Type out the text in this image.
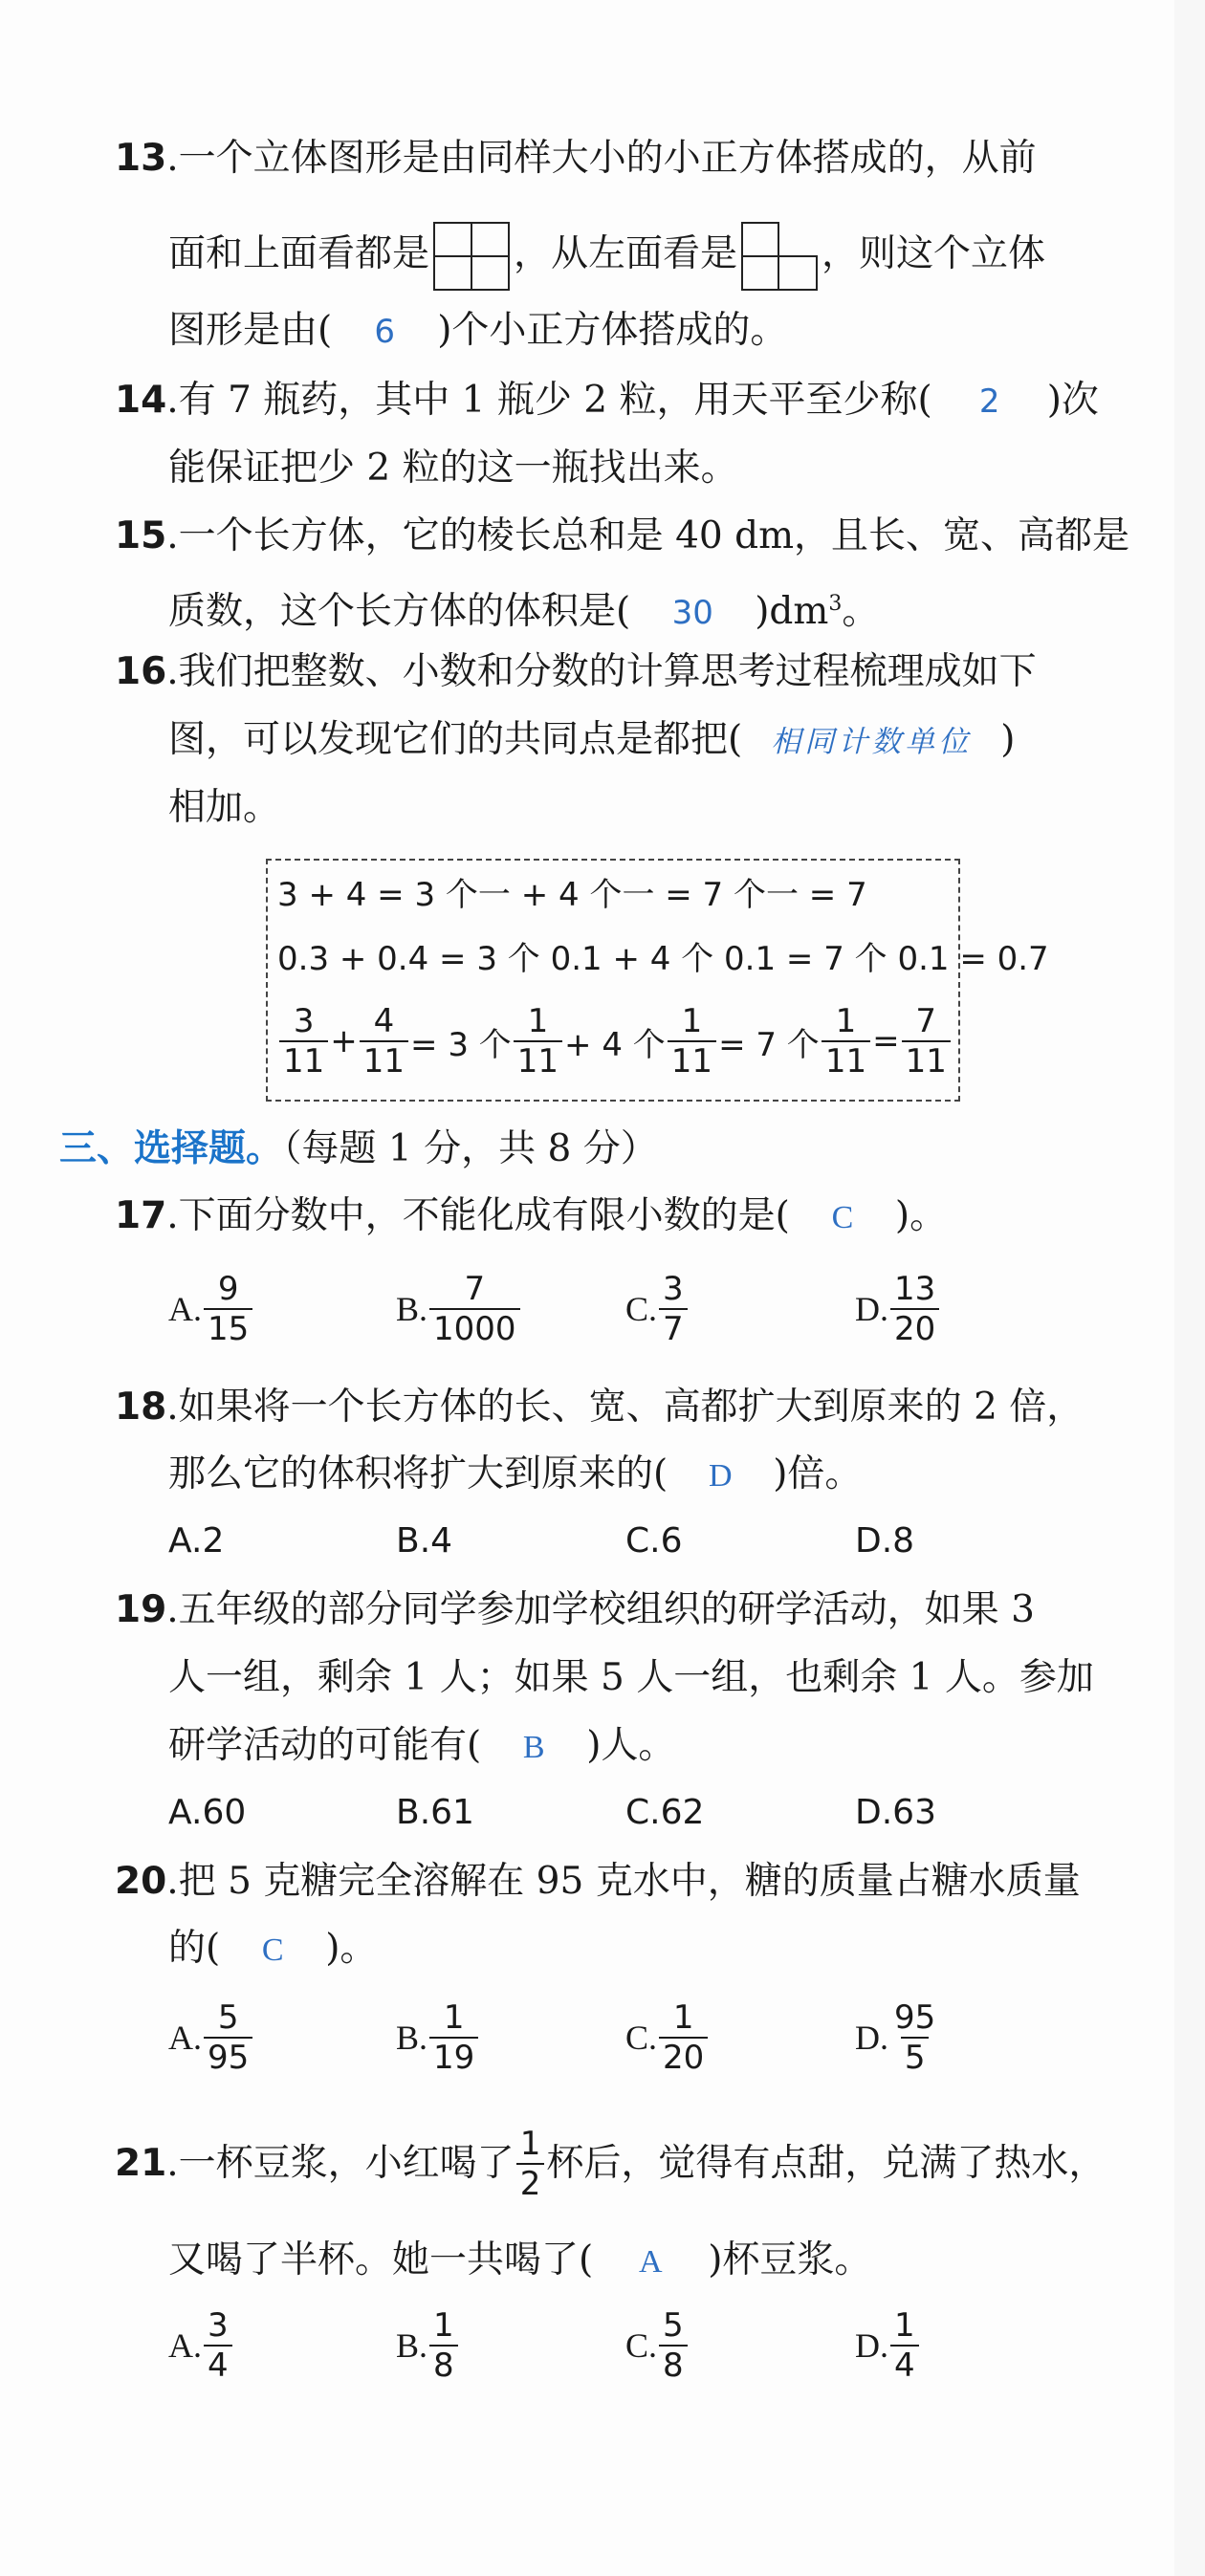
13.一个立体图形是由同样大小的小正方体搭成的，从前
面和上面看都是 ，从左面看是 ，则这个立体
图形是由( 6 )个小正方体搭成的。
14.有 7 瓶药，其中 1 瓶少 2 粒，用天平至少称( 2 )次
能保证把少 2 粒的这一瓶找出来。
15.一个长方体，它的棱长总和是 40 dm，且长、宽、高都是
质数，这个长方体的体积是( 30 )$dm^3$。
16.我们把整数、小数和分数的计算思考过程梳理成如下
图，可以发现它们的共同点是都把( 相同计数单位 )
相加。
3 + 4 = 3 个一 + 4 个一 = 7 个一 = 7
0.3 + 0.4 = 3 个 0.1 + 4 个 0.1 = 7 个 0.1 = 0.7
$\frac{3}{11} + \frac{4}{11} = 3$ 个 $\frac{1}{11} + 4$ 个 $\frac{1}{11} = 7$ 个 $\frac{1}{11} = \frac{7}{11}$
三、选择题。（每题 1 分，共 8 分）
17.下面分数中，不能化成有限小数的是( C )。
A. $\frac{9}{15}$	B. $\frac{7}{1000}$	C. $\frac{3}{7}$	D. $\frac{13}{20}$
18.如果将一个长方体的长、宽、高都扩大到原来的 2 倍，
那么它的体积将扩大到原来的( D )倍。
A.2	B.4	C.6	D.8
19.五年级的部分同学参加学校组织的研学活动，如果 3
人一组，剩余 1 人；如果 5 人一组，也剩余 1 人。参加
研学活动的可能有( B )人。
A.60	B.61	C.62	D.63
20.把 5 克糖完全溶解在 95 克水中，糖的质量占糖水质量
的( C )。
A. $\frac{5}{95}$	B. $\frac{1}{19}$	C. $\frac{1}{20}$	D. $\frac{95}{5}$
21 .一杯豆浆，小红喝了 $\frac{1}{2}$ 杯后，觉得有点甜，兑满了热水，
又喝了半杯。她一共喝了( A )杯豆浆。
A. $\frac{3}{4}$	B. $\frac{1}{8}$	C. $\frac{5}{8}$	D. $\frac{1}{4}$
